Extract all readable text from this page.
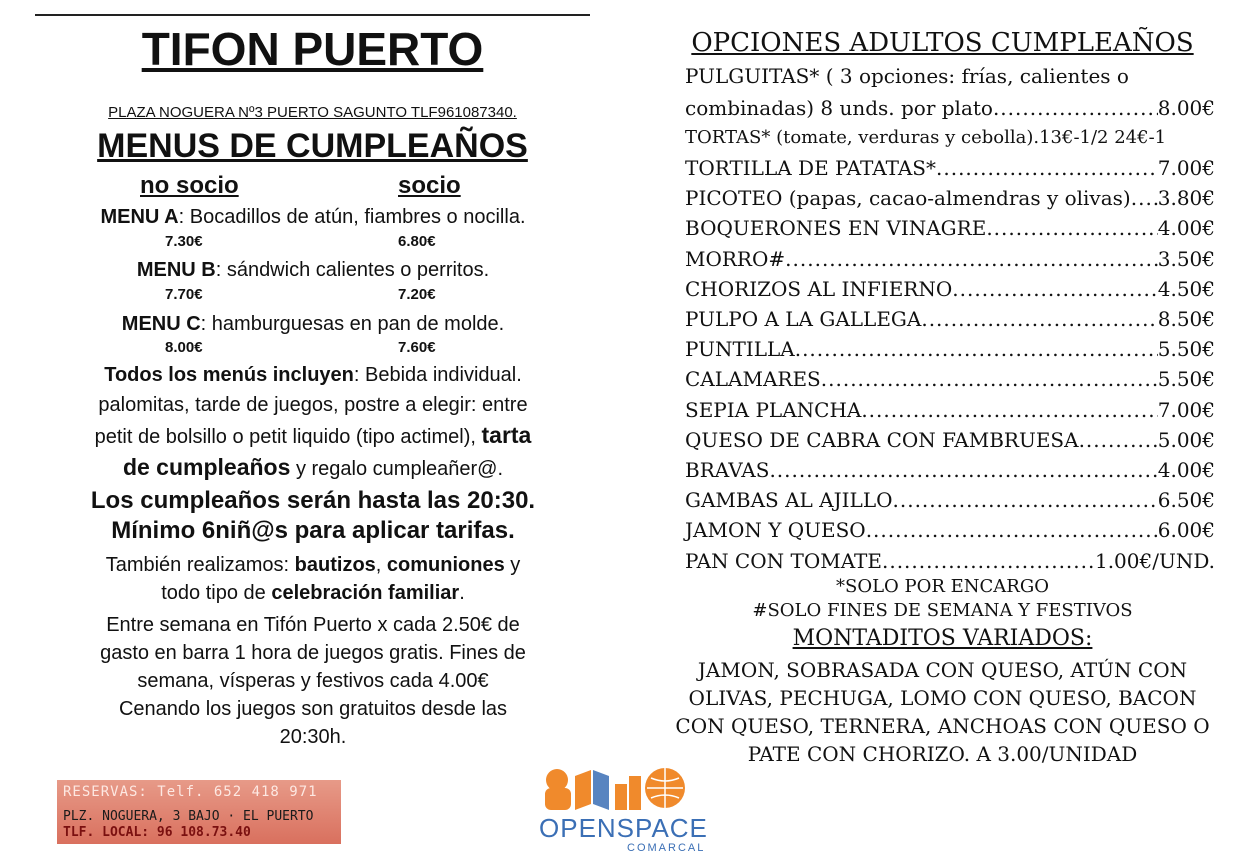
TIFON PUERTO
PLAZA NOGUERA Nº3 PUERTO SAGUNTO TLF961087340.
MENUS DE CUMPLEAÑOS
no socio	socio
MENU A: Bocadillos de atún, fiambres o nocilla.
7.30€	6.80€
MENU B: sándwich calientes o perritos.
7.70€	7.20€
MENU C: hamburguesas en pan de molde.
8.00€	7.60€
Todos los menús incluyen: Bebida individual.
palomitas, tarde de juegos, postre a elegir: entre
petit de bolsillo o petit liquido (tipo actimel), tarta
de cumpleaños y regalo cumpleañer@.
Los cumpleaños serán hasta las 20:30.
Mínimo 6niñ@s para aplicar tarifas.
También realizamos: bautizos, comuniones y
todo tipo de celebración familiar.
Entre semana en Tifón Puerto x cada 2.50€ de
gasto en barra 1 hora de juegos gratis. Fines de
semana, vísperas y festivos cada 4.00€
Cenando los juegos son gratuitos desde las
20:30h.
RESERVAS: Telf. 652 418 971
PLZ. NOGUERA, 3 BAJO · EL PUERTO
TLF. LOCAL: 96 108.73.40	OPENSPACE
COMARCAL
OPCIONES ADULTOS CUMPLEAÑOS
PULGUITAS* ( 3 opciones: frías, calientes o
combinadas) 8 unds. por plato .....	8.00€
TORTAS* (tomate, verduras y cebolla).13€-1/2 24€-1
TORTILLA DE PATATAS* .....	7.00€
PICOTEO (papas, cacao-almendras y olivas) ..... 3.80€
BOQUERONES EN VINAGRE .....	4.00€
MORRO# .....	3.50€
CHORIZOS AL INFIERNO .....	4.50€
PULPO A LA GALLEGA .....	8.50€
PUNTILLA .....	5.50€
CALAMARES .....	5.50€
SEPIA PLANCHA .....	7.00€
QUESO DE CABRA CON FAMBRUESA .....	5.00€
BRAVAS .....	4.00€
GAMBAS AL AJILLO .....	6.50€
JAMON Y QUESO .....	6.00€
PAN CON TOMATE .....	1.00€/UND.
*SOLO POR ENCARGO
#SOLO FINES DE SEMANA Y FESTIVOS
MONTADITOS VARIADOS:
JAMON, SOBRASADA CON QUESO, ATÚN CON
OLIVAS, PECHUGA, LOMO CON QUESO, BACON
CON QUESO, TERNERA, ANCHOAS CON QUESO O
PATE CON CHORIZO. A 3.00/UNIDAD
